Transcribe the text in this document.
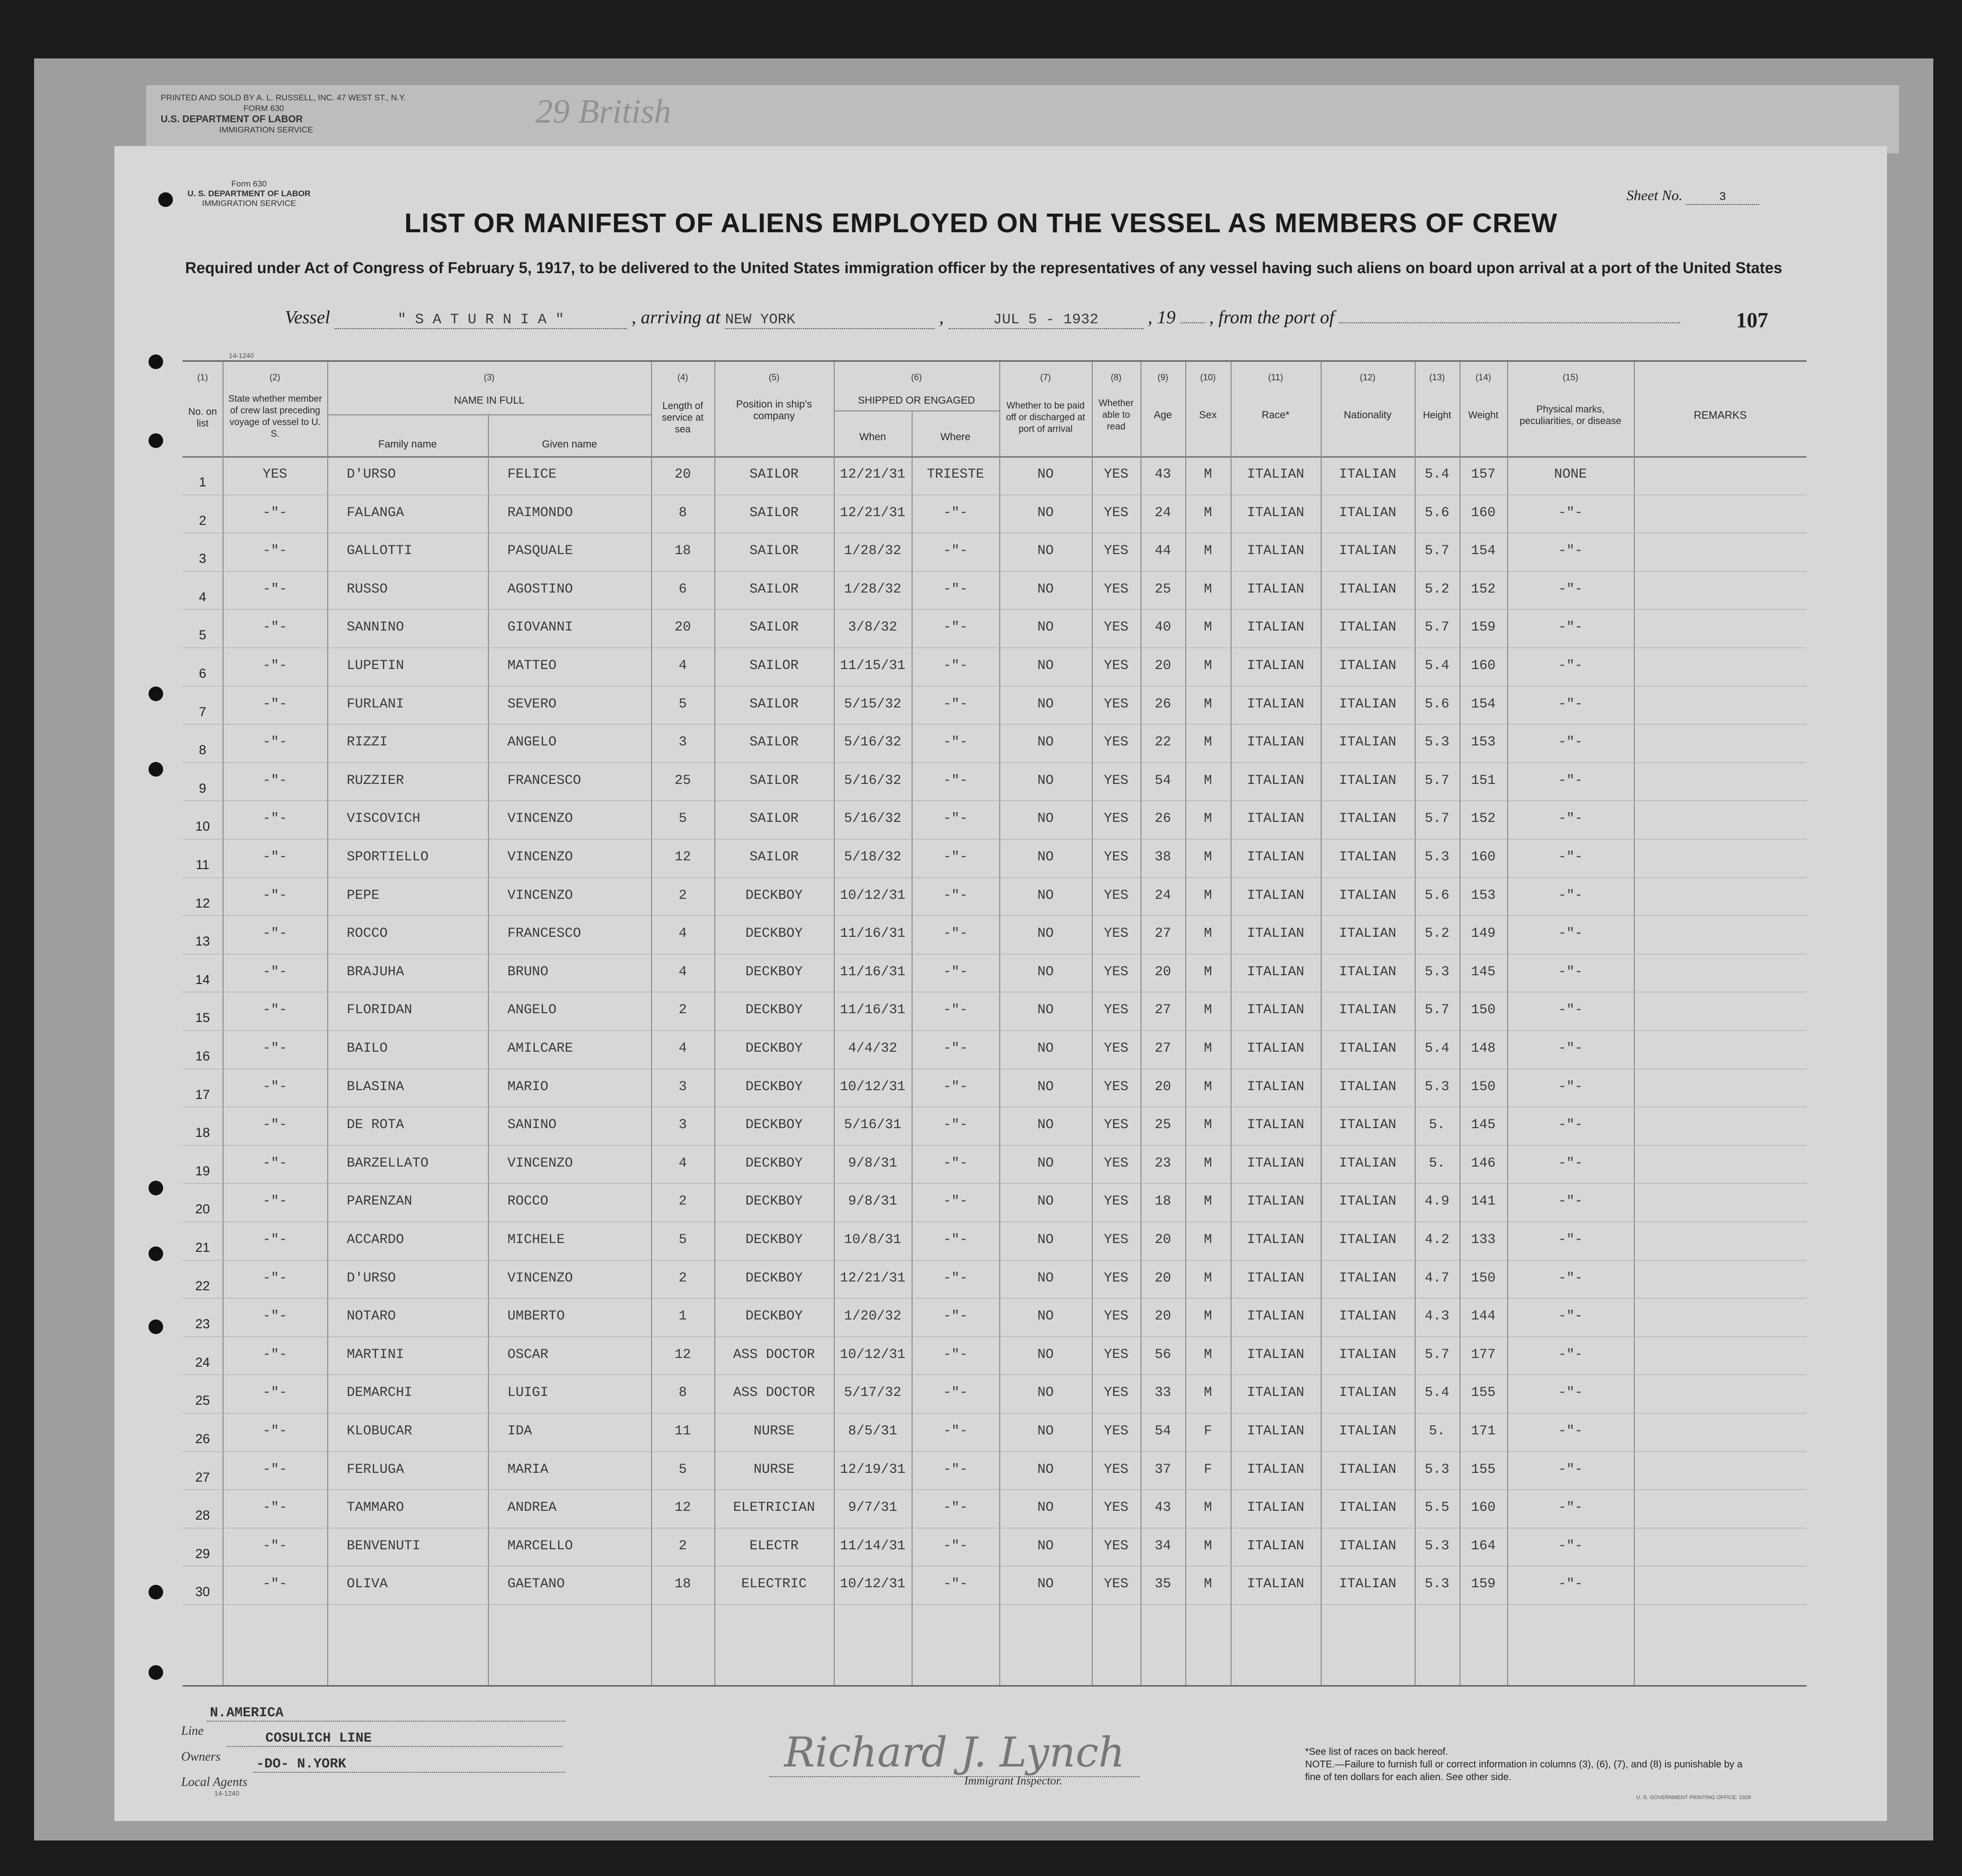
PRINTED AND SOLD BY A. L. RUSSELL, INC. 47 WEST ST., N.Y.
FORM 630
U.S. DEPARTMENT OF LABOR
IMMIGRATION SERVICE	29 British
Form 630
U. S. DEPARTMENT OF LABOR
IMMIGRATION SERVICE	Sheet No.	3
LIST OR MANIFEST OF ALIENS EMPLOYED ON THE VESSEL AS MEMBERS OF CREW
Required under Act of Congress of February 5, 1917, to be delivered to the United States immigration officer by the representatives of any vessel having such aliens on board upon arrival at a port of the United States
Vessel	" S A T U R N I A "	, arriving at NEW YORK	,	JUL 5 - 1932	, 19 , from the port of	107
14-1240
(1)
No. on list
(2)
State whether member of crew last preceding voyage of vessel to U. S.
(3)
NAME IN FULL
Family name	Given name
(4)
Length of service at sea
(5)
Position in ship's company
(6)
SHIPPED OR ENGAGED
When	Where
(7)
Whether to be paid off or discharged at port of arrival
(8)
Whether able to read
(9)
Age
(10)
Sex
(11)
Race*
(12)
Nationality
(13)
Height
(14)
Weight
(15)
Physical marks, peculiarities, or disease	REMARKS
1	YES	D'URSO	FELICE	20	SAILOR	12/21/31	TRIESTE	NO	YES	43	M	ITALIAN	ITALIAN	5.4	157	NONE
2	-"-	FALANGA	RAIMONDO	8	SAILOR	12/21/31	-"-	NO	YES	24	M	ITALIAN	ITALIAN	5.6	160	-"-
3	-"-	GALLOTTI	PASQUALE	18	SAILOR	1/28/32	-"-	NO	YES	44	M	ITALIAN	ITALIAN	5.7	154	-"-
4	-"-	RUSSO	AGOSTINO	6	SAILOR	1/28/32	-"-	NO	YES	25	M	ITALIAN	ITALIAN	5.2	152	-"-
5	-"-	SANNINO	GIOVANNI	20	SAILOR	3/8/32	-"-	NO	YES	40	M	ITALIAN	ITALIAN	5.7	159	-"-
6	-"-	LUPETIN	MATTEO	4	SAILOR	11/15/31	-"-	NO	YES	20	M	ITALIAN	ITALIAN	5.4	160	-"-
7	-"-	FURLANI	SEVERO	5	SAILOR	5/15/32	-"-	NO	YES	26	M	ITALIAN	ITALIAN	5.6	154	-"-
8	-"-	RIZZI	ANGELO	3	SAILOR	5/16/32	-"-	NO	YES	22	M	ITALIAN	ITALIAN	5.3	153	-"-
9	-"-	RUZZIER	FRANCESCO	25	SAILOR	5/16/32	-"-	NO	YES	54	M	ITALIAN	ITALIAN	5.7	151	-"-
10	-"-	VISCOVICH	VINCENZO	5	SAILOR	5/16/32	-"-	NO	YES	26	M	ITALIAN	ITALIAN	5.7	152	-"-
11	-"-	SPORTIELLO	VINCENZO	12	SAILOR	5/18/32	-"-	NO	YES	38	M	ITALIAN	ITALIAN	5.3	160	-"-
12	-"-	PEPE	VINCENZO	2	DECKBOY	10/12/31	-"-	NO	YES	24	M	ITALIAN	ITALIAN	5.6	153	-"-
13	-"-	ROCCO	FRANCESCO	4	DECKBOY	11/16/31	-"-	NO	YES	27	M	ITALIAN	ITALIAN	5.2	149	-"-
14	-"-	BRAJUHA	BRUNO	4	DECKBOY	11/16/31	-"-	NO	YES	20	M	ITALIAN	ITALIAN	5.3	145	-"-
15	-"-	FLORIDAN	ANGELO	2	DECKBOY	11/16/31	-"-	NO	YES	27	M	ITALIAN	ITALIAN	5.7	150	-"-
16	-"-	BAILO	AMILCARE	4	DECKBOY	4/4/32	-"-	NO	YES	27	M	ITALIAN	ITALIAN	5.4	148	-"-
17	-"-	BLASINA	MARIO	3	DECKBOY	10/12/31	-"-	NO	YES	20	M	ITALIAN	ITALIAN	5.3	150	-"-
18	-"-	DE ROTA	SANINO	3	DECKBOY	5/16/31	-"-	NO	YES	25	M	ITALIAN	ITALIAN	5.	145	-"-
19	-"-	BARZELLATO	VINCENZO	4	DECKBOY	9/8/31	-"-	NO	YES	23	M	ITALIAN	ITALIAN	5.	146	-"-
20	-"-	PARENZAN	ROCCO	2	DECKBOY	9/8/31	-"-	NO	YES	18	M	ITALIAN	ITALIAN	4.9	141	-"-
21	-"-	ACCARDO	MICHELE	5	DECKBOY	10/8/31	-"-	NO	YES	20	M	ITALIAN	ITALIAN	4.2	133	-"-
22	-"-	D'URSO	VINCENZO	2	DECKBOY	12/21/31	-"-	NO	YES	20	M	ITALIAN	ITALIAN	4.7	150	-"-
23	-"-	NOTARO	UMBERTO	1	DECKBOY	1/20/32	-"-	NO	YES	20	M	ITALIAN	ITALIAN	4.3	144	-"-
24	-"-	MARTINI	OSCAR	12	ASS DOCTOR	10/12/31	-"-	NO	YES	56	M	ITALIAN	ITALIAN	5.7	177	-"-
25	-"-	DEMARCHI	LUIGI	8	ASS DOCTOR	5/17/32	-"-	NO	YES	33	M	ITALIAN	ITALIAN	5.4	155	-"-
26	-"-	KLOBUCAR	IDA	11	NURSE	8/5/31	-"-	NO	YES	54	F	ITALIAN	ITALIAN	5.	171	-"-
27	-"-	FERLUGA	MARIA	5	NURSE	12/19/31	-"-	NO	YES	37	F	ITALIAN	ITALIAN	5.3	155	-"-
28	-"-	TAMMARO	ANDREA	12	ELETRICIAN	9/7/31	-"-	NO	YES	43	M	ITALIAN	ITALIAN	5.5	160	-"-
29	-"-	BENVENUTI	MARCELLO	2	ELECTR	11/14/31	-"-	NO	YES	34	M	ITALIAN	ITALIAN	5.3	164	-"-
30	-"-	OLIVA	GAETANO	18	ELECTRIC	10/12/31	-"-	NO	YES	35	M	ITALIAN	ITALIAN	5.3	159	-"-
Line
N.AMERICA
Owners
COSULICH LINE
Local Agents
-DO- N.YORK
14-1240
Richard J. Lynch
Immigrant Inspector.
*See list of races on back hereof.
NOTE.—Failure to furnish full or correct information in columns (3), (6), (7), and (8) is punishable by a fine of ten dollars for each alien. See other side.
U. S. GOVERNMENT PRINTING OFFICE: 1926
